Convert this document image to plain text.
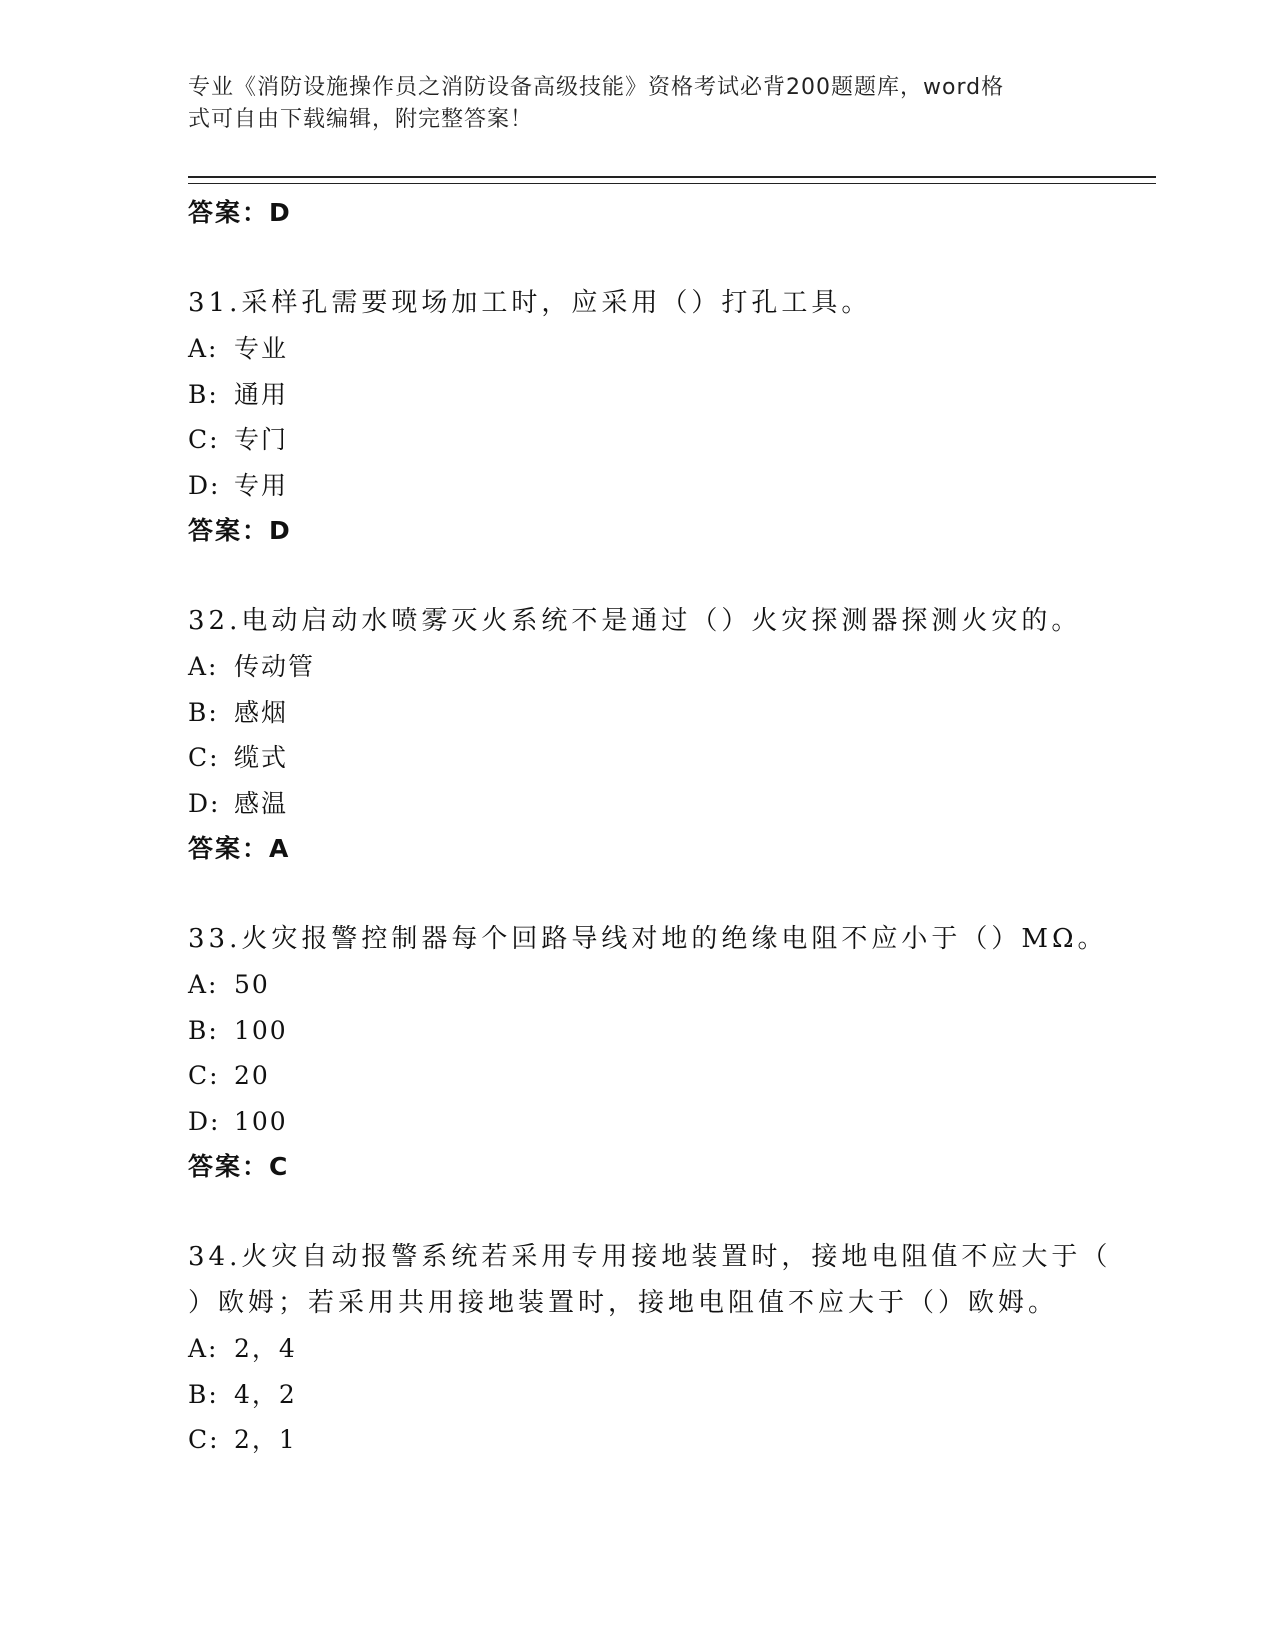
专业《消防设施操作员之消防设备高级技能》资格考试必背200题题库，word格
式可自由下载编辑，附完整答案！
答案：D
31.采样孔需要现场加工时，应采用（）打孔工具。
A: 专业
B: 通用
C: 专门
D: 专用
答案：D
32.电动启动水喷雾灭火系统不是通过（）火灾探测器探测火灾的。
A: 传动管
B: 感烟
C: 缆式
D: 感温
答案：A
33.火灾报警控制器每个回路导线对地的绝缘电阻不应小于（）MΩ。
A: 50
B: 100
C: 20
D: 100
答案：C
34.火灾自动报警系统若采用专用接地装置时，接地电阻值不应大于（
）欧姆；若采用共用接地装置时，接地电阻值不应大于（）欧姆。
A: 2，4
B: 4，2
C: 2，1
